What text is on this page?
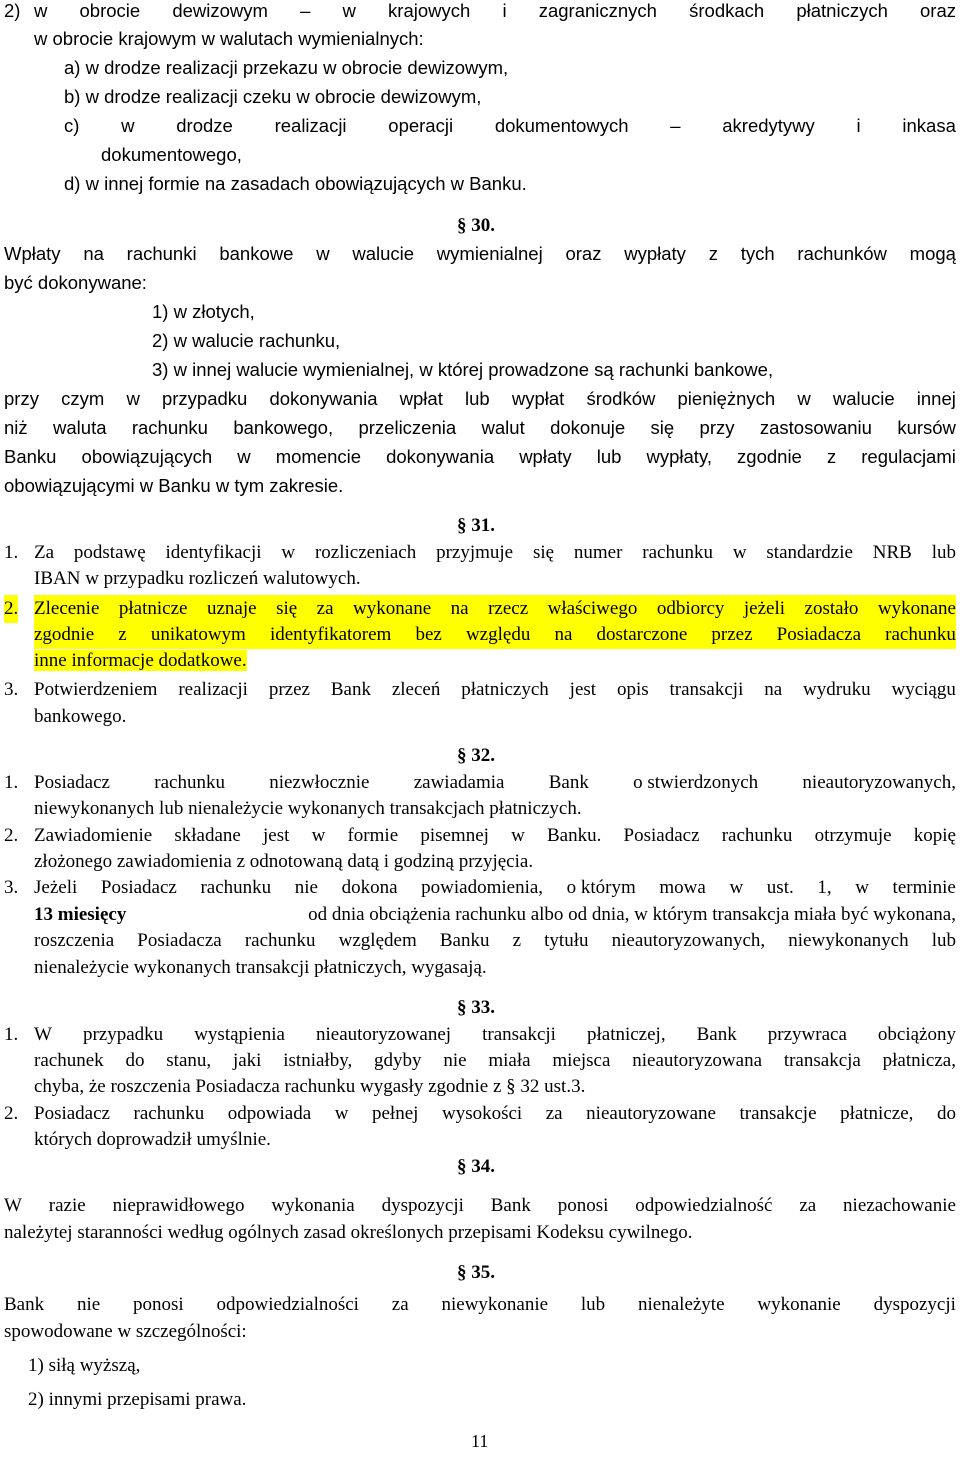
2) w obrocie dewizowym – w krajowych i zagranicznych środkach płatniczych oraz
w obrocie krajowym w walutach wymienialnych:
a) w drodze realizacji przekazu w obrocie dewizowym,
b) w drodze realizacji czeku w obrocie dewizowym,
c) w drodze realizacji operacji dokumentowych – akredytywy i inkasa
dokumentowego,
d) w innej formie na zasadach obowiązujących w Banku.
§ 30.
Wpłaty na rachunki bankowe w walucie wymienialnej oraz wypłaty z tych rachunków mogą
być dokonywane:
1) w złotych,
2) w walucie rachunku,
3) w innej walucie wymienialnej, w której prowadzone są rachunki bankowe,
przy czym w przypadku dokonywania wpłat lub wypłat środków pieniężnych w walucie innej
niż waluta rachunku bankowego, przeliczenia walut dokonuje się przy zastosowaniu kursów
Banku obowiązujących w momencie dokonywania wpłaty lub wypłaty, zgodnie z regulacjami
obowiązującymi w Banku w tym zakresie.
§ 31.
1. Za podstawę identyfikacji w rozliczeniach przyjmuje się numer rachunku w standardzie NRB lub
IBAN w przypadku rozliczeń walutowych.
2. Zlecenie płatnicze uznaje się za wykonane na rzecz właściwego odbiorcy jeżeli zostało wykonane
zgodnie z unikatowym identyfikatorem bez względu na dostarczone przez Posiadacza rachunku
inne informacje dodatkowe.
3. Potwierdzeniem realizacji przez Bank zleceń płatniczych jest opis transakcji na wydruku wyciągu
bankowego.
§ 32.
1. Posiadacz rachunku niezwłocznie zawiadamia Bank o stwierdzonych nieautoryzowanych,
niewykonanych lub nienależycie wykonanych transakcjach płatniczych.
2. Zawiadomienie składane jest w formie pisemnej w Banku. Posiadacz rachunku otrzymuje kopię
złożonego zawiadomienia z odnotowaną datą i godziną przyjęcia.
3. Jeżeli Posiadacz rachunku nie dokona powiadomienia, o którym mowa w ust. 1, w terminie
13 miesięcy	od dnia obciążenia rachunku albo od dnia, w którym transakcja miała być wykonana,
roszczenia Posiadacza rachunku względem Banku z tytułu nieautoryzowanych, niewykonanych lub
nienależycie wykonanych transakcji płatniczych, wygasają.
§ 33.
1. W przypadku wystąpienia nieautoryzowanej transakcji płatniczej, Bank przywraca obciążony
rachunek do stanu, jaki istniałby, gdyby nie miała miejsca nieautoryzowana transakcja płatnicza,
chyba, że roszczenia Posiadacza rachunku wygasły zgodnie z § 32 ust.3.
2. Posiadacz rachunku odpowiada w pełnej wysokości za nieautoryzowane transakcje płatnicze, do
których doprowadził umyślnie.
§ 34.
W razie nieprawidłowego wykonania dyspozycji Bank ponosi odpowiedzialność za niezachowanie
należytej staranności według ogólnych zasad określonych przepisami Kodeksu cywilnego.
§ 35.
Bank nie ponosi odpowiedzialności za niewykonanie lub nienależyte wykonanie dyspozycji
spowodowane w szczególności:
1) siłą wyższą,
2) innymi przepisami prawa.
11
